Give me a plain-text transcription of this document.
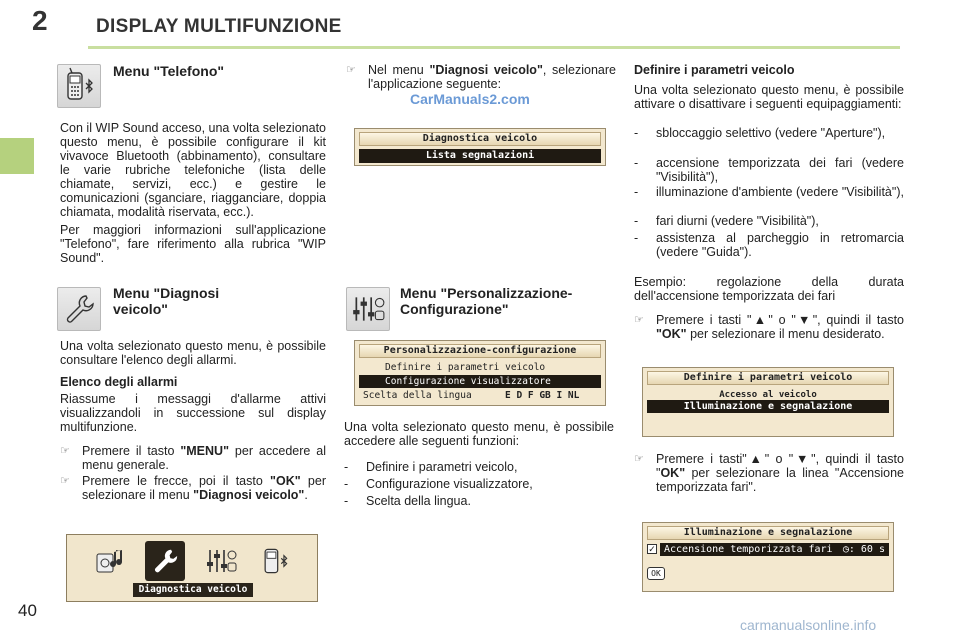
2	DISPLAY MULTIFUNZIONE
Menu "Telefono"

Con il WIP Sound acceso, una volta selezionato questo menu, è possibile configurare il kit vivavoce Bluetooth (abbinamento), consultare le varie rubriche telefoniche (lista delle chiamate, servizi, ecc.) e gestire le comunicazioni (sganciare, riagganciare, doppia chiamata, modalità riservata, ecc.).

Per maggiori informazioni sull'applicazione "Telefono", fare riferimento alla rubrica "WIP Sound".

Menu "Diagnosi
veicolo"

Una volta selezionato questo menu, è possibile consultare l'elenco degli allarmi.

Elenco degli allarmi

Riassume i messaggi d'allarme attivi visualizzandoli in successione sul display multifunzione.

☞ Premere il tasto "MENU" per accedere al menu generale.
☞ Premere le frecce, poi il tasto "OK" per selezionare il menu "Diagnosi veicolo".
Diagnostica veicolo
☞ Nel menu "Diagnosi veicolo", selezionare l'applicazione seguente:
CarManuals2.com
Diagnostica veicolo
Lista segnalazioni
Menu "Personalizzazione-
Configurazione"
Personalizzazione-configurazione
Definire i parametri veicolo
Configurazione visualizzatore
Scelta della lingua	E D F GB I NL

Una volta selezionato questo menu, è possibile accedere alle seguenti funzioni:

- Definire i parametri veicolo,
- Configurazione visualizzatore,
- Scelta della lingua.
Definire i parametri veicolo

Una volta selezionato questo menu, è possibile attivare o disattivare i seguenti equipaggiamenti:

- sbloccaggio selettivo (vedere "Aperture"),
- accensione temporizzata dei fari (vedere "Visibilità"),
- illuminazione d'ambiente (vedere "Visibilità"),
- fari diurni (vedere "Visibilità"),
- assistenza al parcheggio in retromarcia (vedere "Guida").

Esempio: regolazione della durata dell'accensione temporizzata dei fari

☞ Premere i tasti "▲" o "▼", quindi il tasto "OK" per selezionare il menu desiderato.
Definire i parametri veicolo
Accesso al veicolo
Illuminazione e segnalazione
☞ Premere i tasti"▲" o "▼", quindi il tasto "OK" per selezionare la linea "Accensione temporizzata fari".
Illuminazione e segnalazione
✓ Accensione temporizzata fari ◷: 60 s
OK
40
carmanualsonline.info
